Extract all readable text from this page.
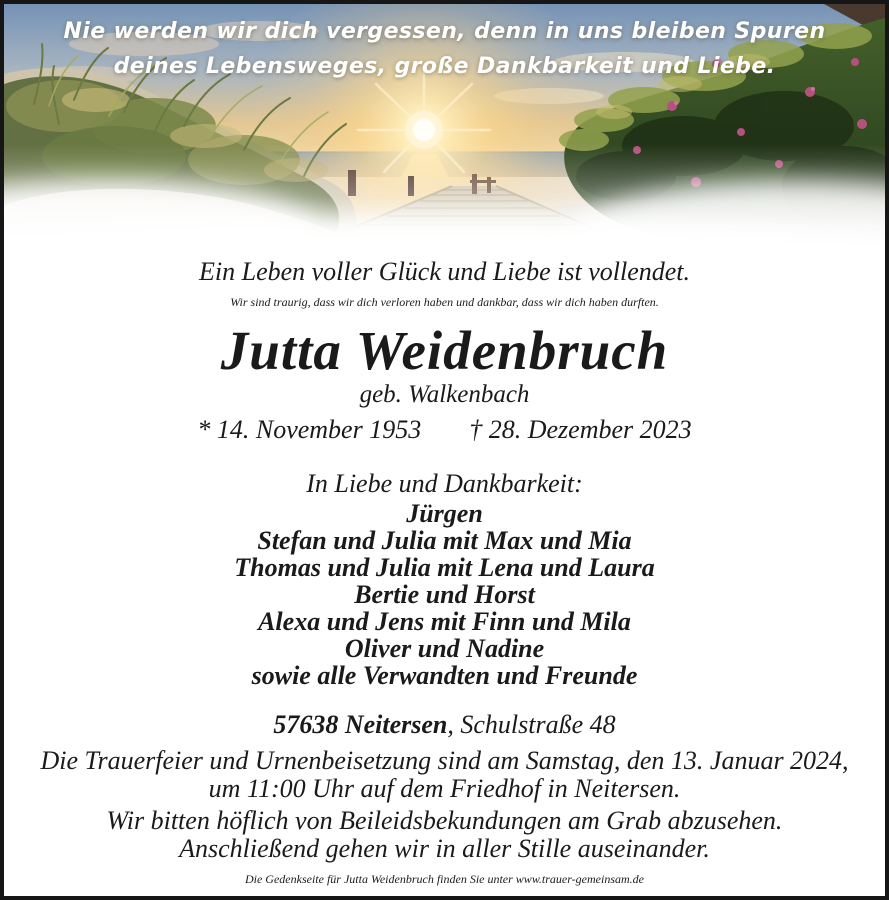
Nie werden wir dich vergessen, denn in uns bleiben Spuren
deines Lebensweges, große Dankbarkeit und Liebe.

Ein Leben voller Glück und Liebe ist vollendet.

Wir sind traurig, dass wir dich verloren haben und dankbar, dass wir dich haben durften.

Jutta Weidenbruch

geb. Walkenbach

* 14. November 1953 † 28. Dezember 2023

In Liebe und Dankbarkeit:

Jürgen
Stefan und Julia mit Max und Mia
Thomas und Julia mit Lena und Laura
Bertie und Horst
Alexa und Jens mit Finn und Mila
Oliver und Nadine
sowie alle Verwandten und Freunde

57638 Neitersen, Schulstraße 48

Die Trauerfeier und Urnenbeisetzung sind am Samstag, den 13. Januar 2024,
um 11:00 Uhr auf dem Friedhof in Neitersen.

Wir bitten höflich von Beileidsbekundungen am Grab abzusehen.
Anschließend gehen wir in aller Stille auseinander.

Die Gedenkseite für Jutta Weidenbruch finden Sie unter www.trauer-gemeinsam.de
